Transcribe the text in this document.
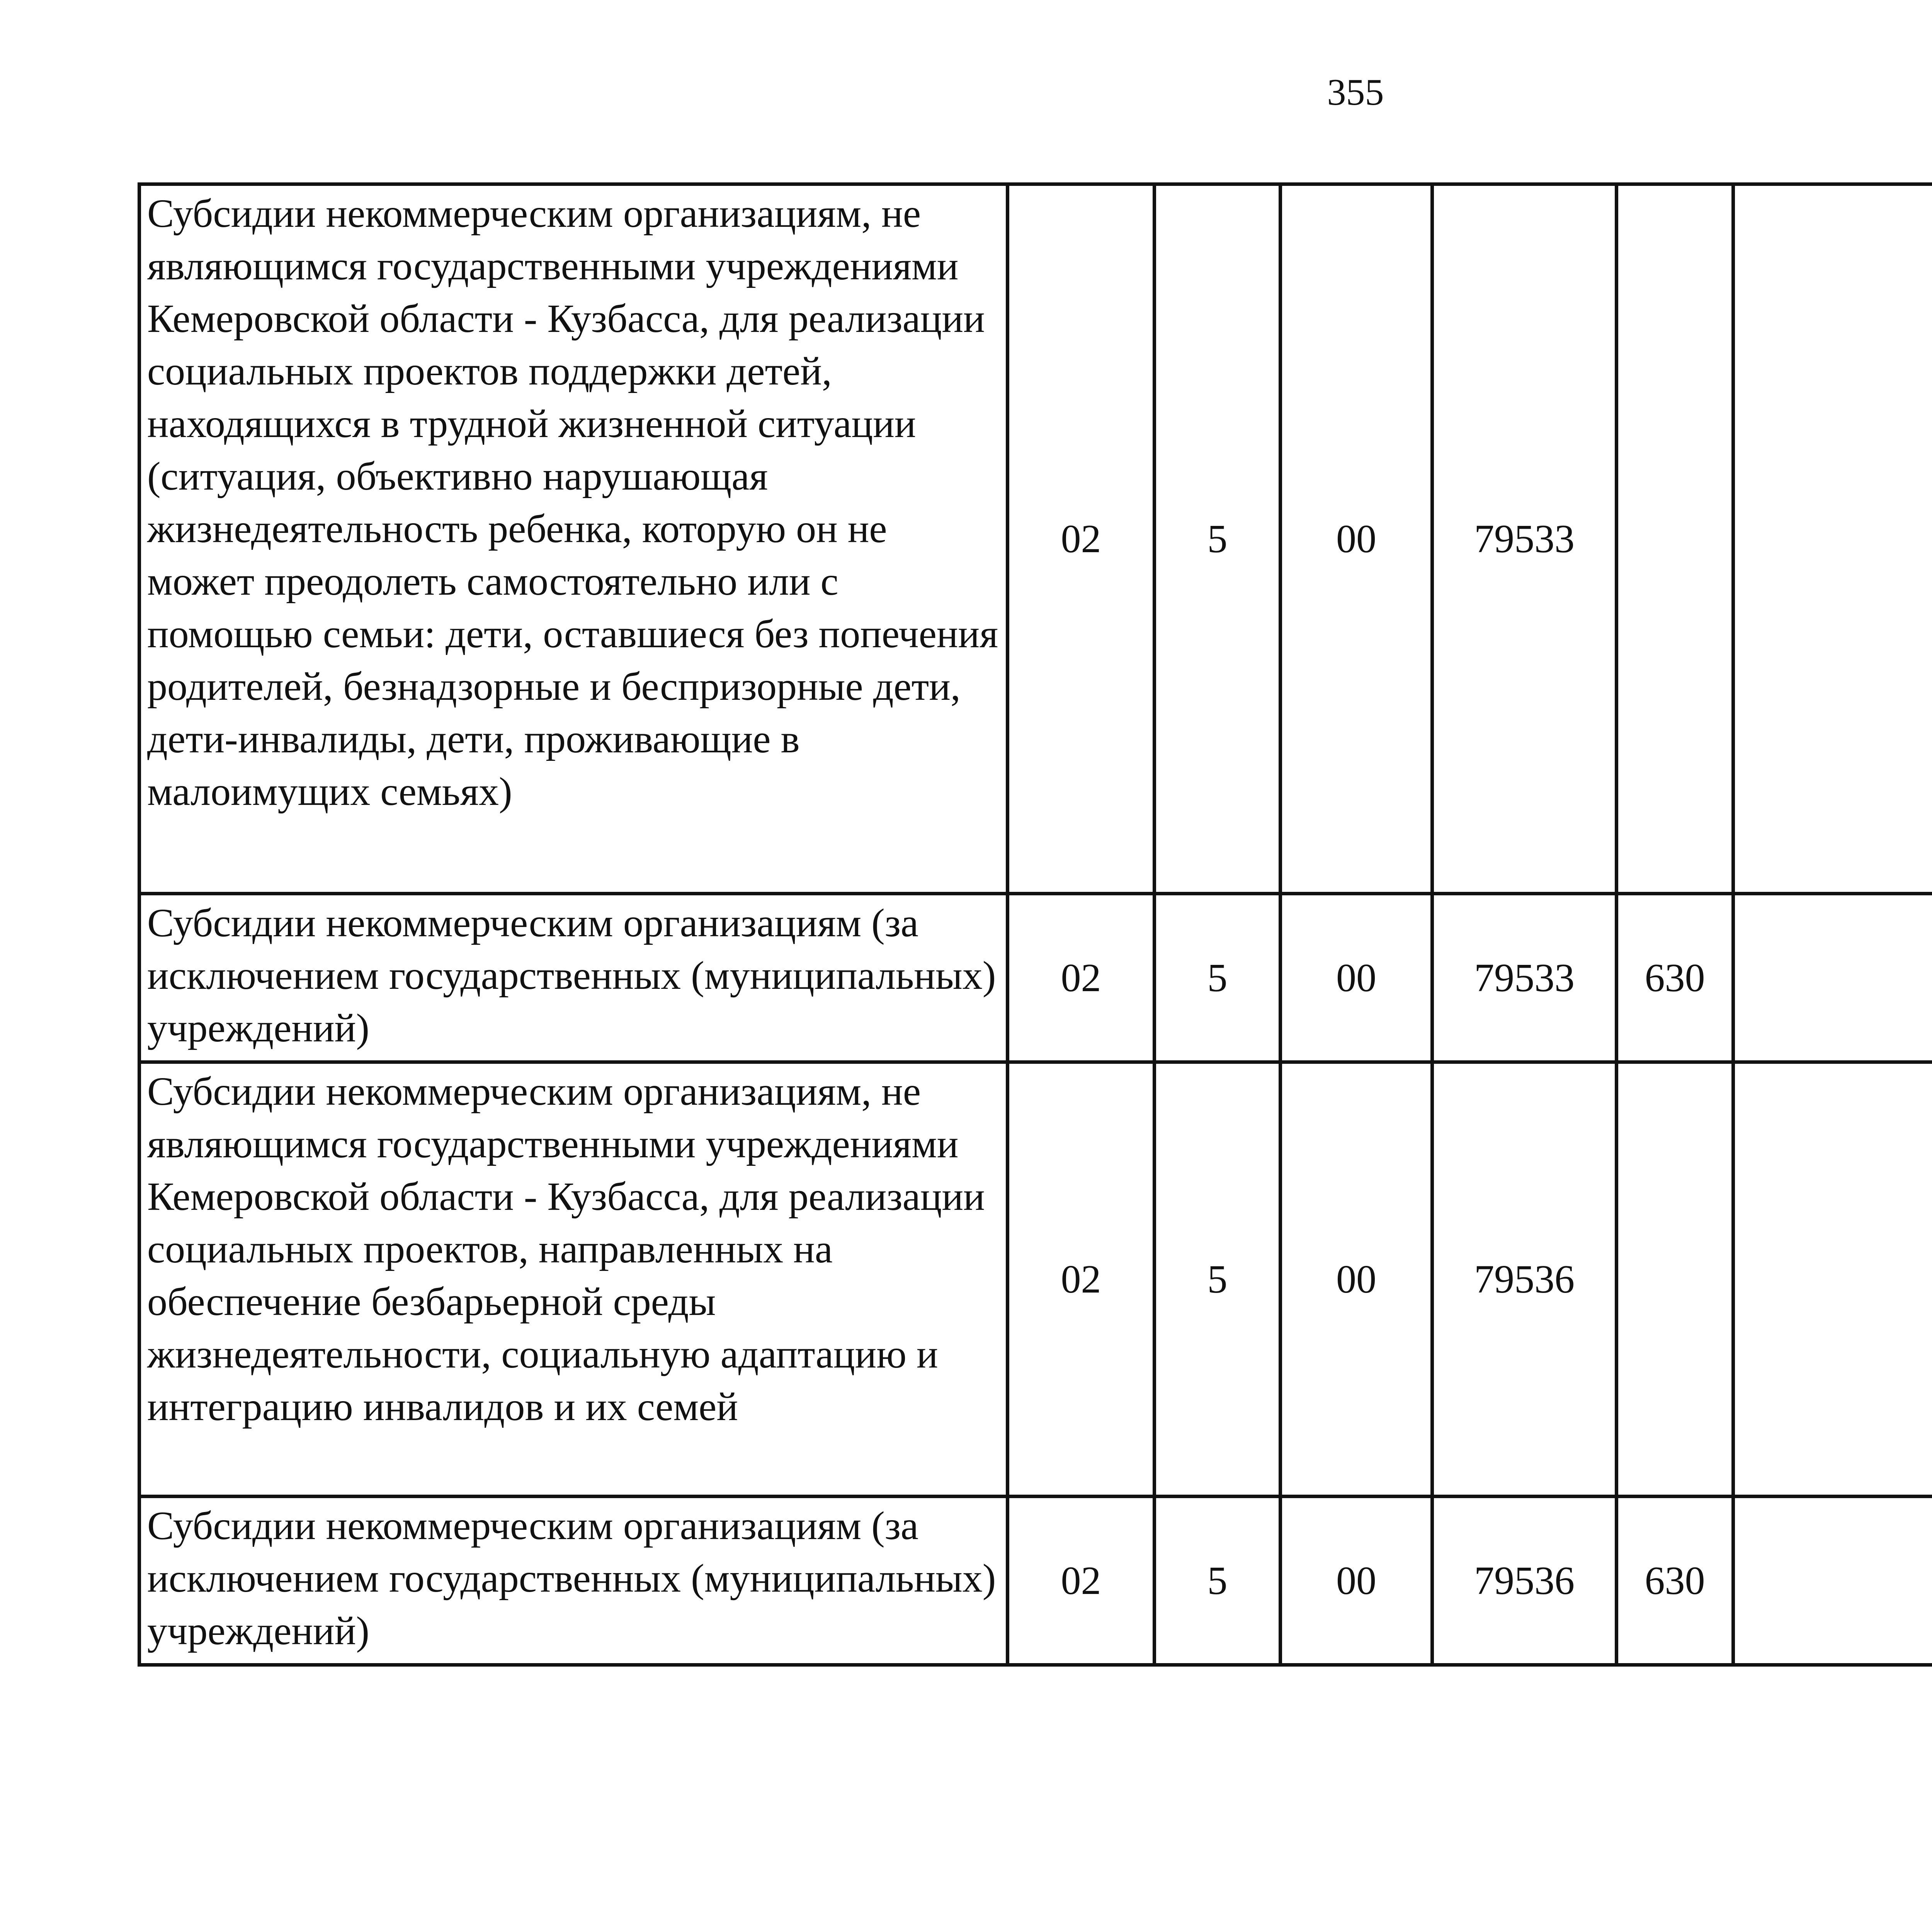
355
Субсидии некоммерческим организациям, не являющимся государственными учреждениями Кемеровской области - Кузбасса, для реализации социальных проектов поддержки детей, находящихся в трудной жизненной ситуации (ситуация, объективно нарушающая жизнедеятельность ребенка, которую он не может преодолеть самостоятельно или с помощью семьи: дети, оставшиеся без попечения родителей, безнадзорные и беспризорные дети, дети-инвалиды, дети, проживающие в малоимущих семьях)	02	5	00	79533				
Субсидии некоммерческим организациям (за исключением государственных (муниципальных) учреждений)	02	5	00	79533	630			
Субсидии некоммерческим организациям, не являющимся государственными учреждениями Кемеровской области - Кузбасса, для реализации социальных проектов, направленных на обеспечение безбарьерной среды жизнедеятельности, социальную адаптацию и интеграцию инвалидов и их семей	02	5	00	79536				
Субсидии некоммерческим организациям (за исключением государственных (муниципальных) учреждений)	02	5	00	79536	630			
